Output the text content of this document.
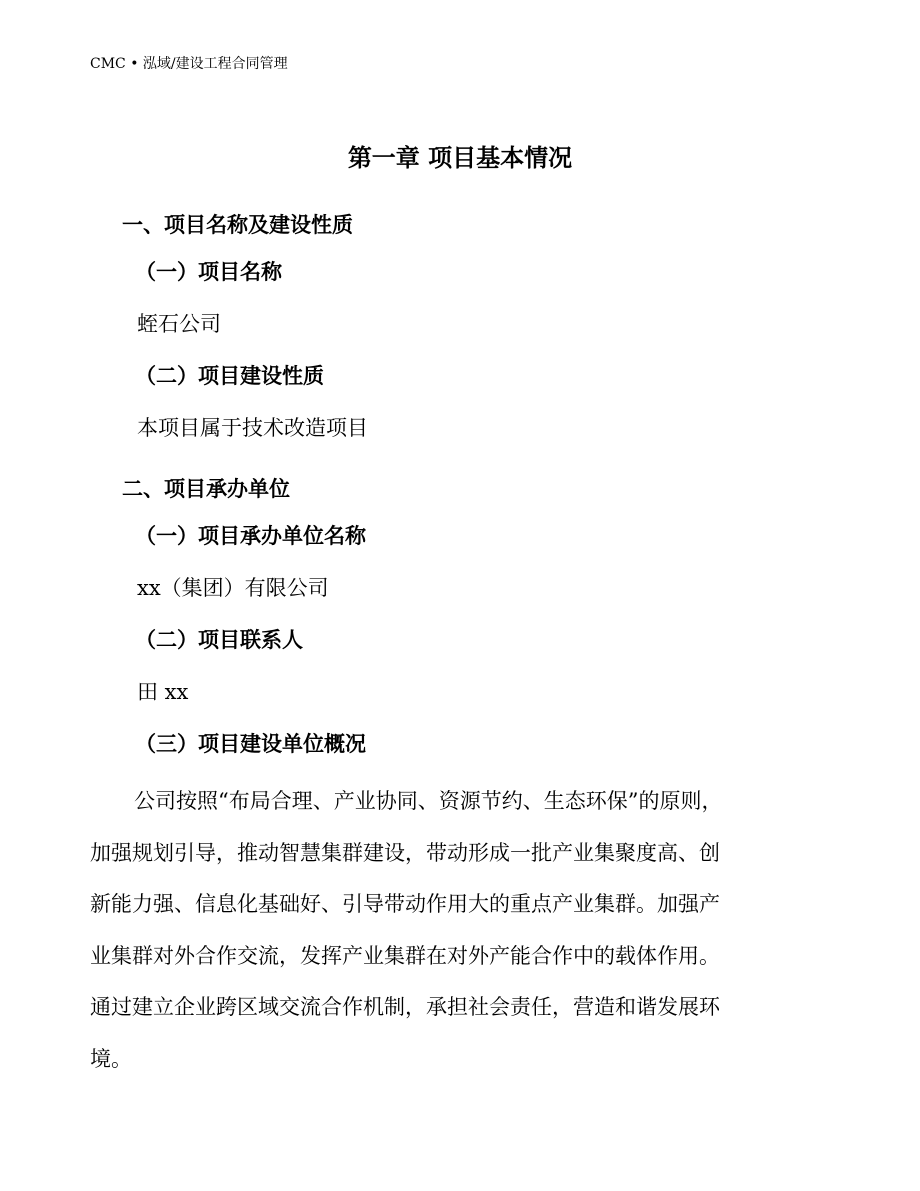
CMC • 泓域/建设工程合同管理
第一章 项目基本情况
一、项目名称及建设性质
（一）项目名称
蛭石公司
（二）项目建设性质
本项目属于技术改造项目
二、项目承办单位
（一）项目承办单位名称
xx（集团）有限公司
（二）项目联系人
田 xx
（三）项目建设单位概况
公司按照“布局合理、产业协同、资源节约、生态环保”的原则，
加强规划引导，推动智慧集群建设，带动形成一批产业集聚度高、创
新能力强、信息化基础好、引导带动作用大的重点产业集群。加强产
业集群对外合作交流，发挥产业集群在对外产能合作中的载体作用。
通过建立企业跨区域交流合作机制，承担社会责任，营造和谐发展环
境。
